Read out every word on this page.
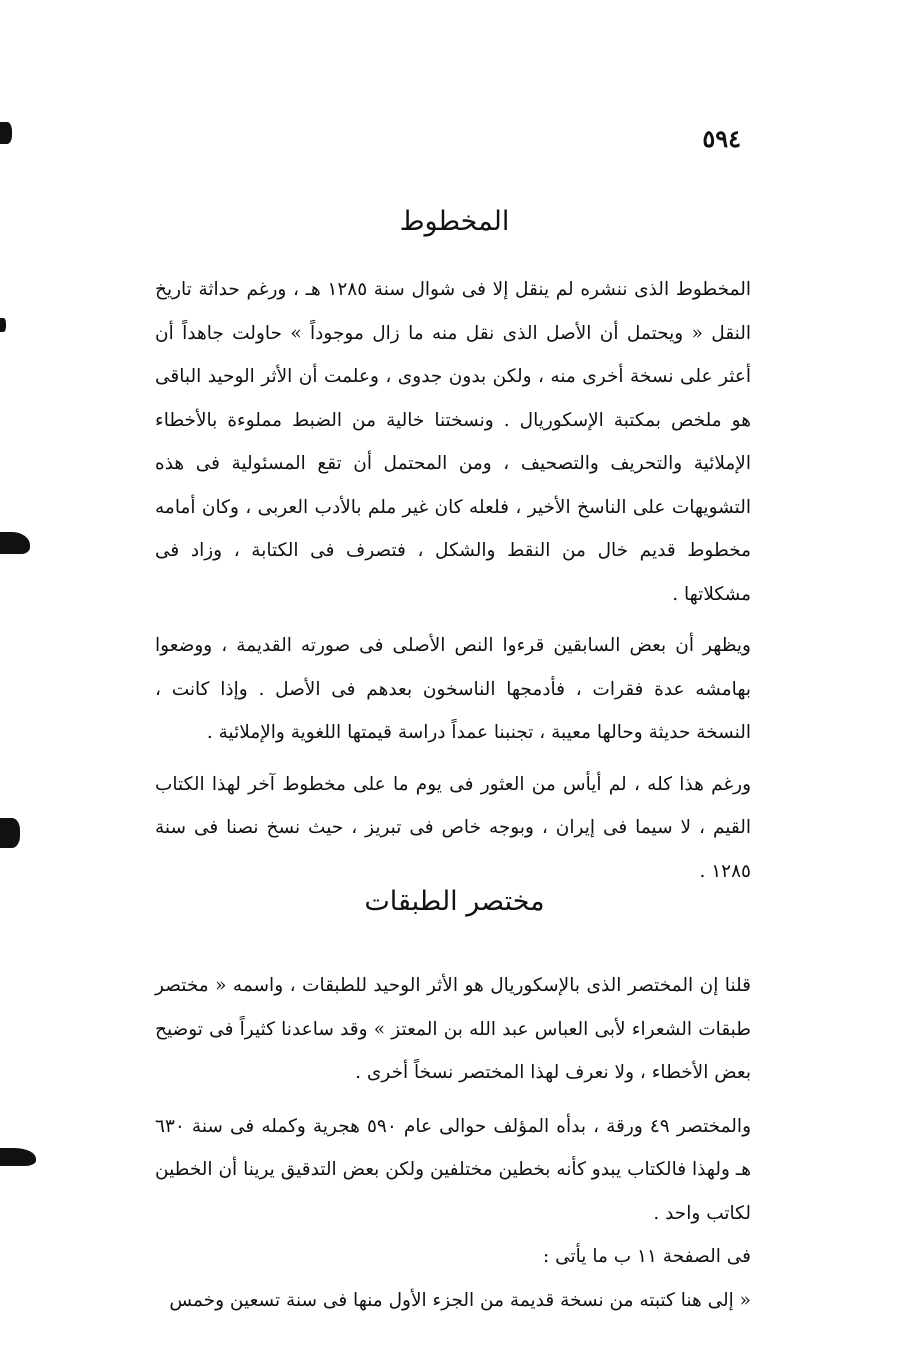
٥٩٤
المخطوط

المخطوط الذى ننشره لم ينقل إلا فى شوال سنة ١٢٨٥ هـ ، ورغم حداثة تاريخ النقل « ويحتمل أن الأصل الذى نقل منه ما زال موجوداً » حاولت جاهداً أن أعثر على نسخة أخرى منه ، ولكن بدون جدوى ، وعلمت أن الأثر الوحيد الباقى هو ملخص بمكتبة الإسكوريال . ونسختنا خالية من الضبط مملوءة بالأخطاء الإملائية والتحريف والتصحيف ، ومن المحتمل أن تقع المسئولية فى هذه التشويهات على الناسخ الأخير ، فلعله كان غير ملم بالأدب العربى ، وكان أمامه مخطوط قديم خال من النقط والشكل ، فتصرف فى الكتابة ، وزاد فى مشكلاتها .

ويظهر أن بعض السابقين قرءوا النص الأصلى فى صورته القديمة ، ووضعوا بهامشه عدة فقرات ، فأدمجها الناسخون بعدهم فى الأصل . وإذا كانت ، النسخة حديثة وحالها معيبة ، تجنبنا عمداً دراسة قيمتها اللغوية والإملائية .

ورغم هذا كله ، لم أيأس من العثور فى يوم ما على مخطوط آخر لهذا الكتاب القيم ، لا سيما فى إيران ، وبوجه خاص فى تبريز ، حيث نسخ نصنا فى سنة ١٢٨٥ .

مختصر الطبقات

قلنا إن المختصر الذى بالإسكوريال هو الأثر الوحيد للطبقات ، واسمه « مختصر طبقات الشعراء لأبى العباس عبد الله بن المعتز » وقد ساعدنا كثيراً فى توضيح بعض الأخطاء ، ولا نعرف لهذا المختصر نسخاً أخرى .

والمختصر ٤٩ ورقة ، بدأه المؤلف حوالى عام ٥٩٠ هجرية وكمله فى سنة ٦٣٠ هـ ولهذا فالكتاب يبدو كأنه بخطين مختلفين ولكن بعض التدقيق يرينا أن الخطين لكاتب واحد .

فى الصفحة ١١ ب ما يأتى :

« إلى هنا كتبته من نسخة قديمة من الجزء الأول منها فى سنة تسعين وخمس
